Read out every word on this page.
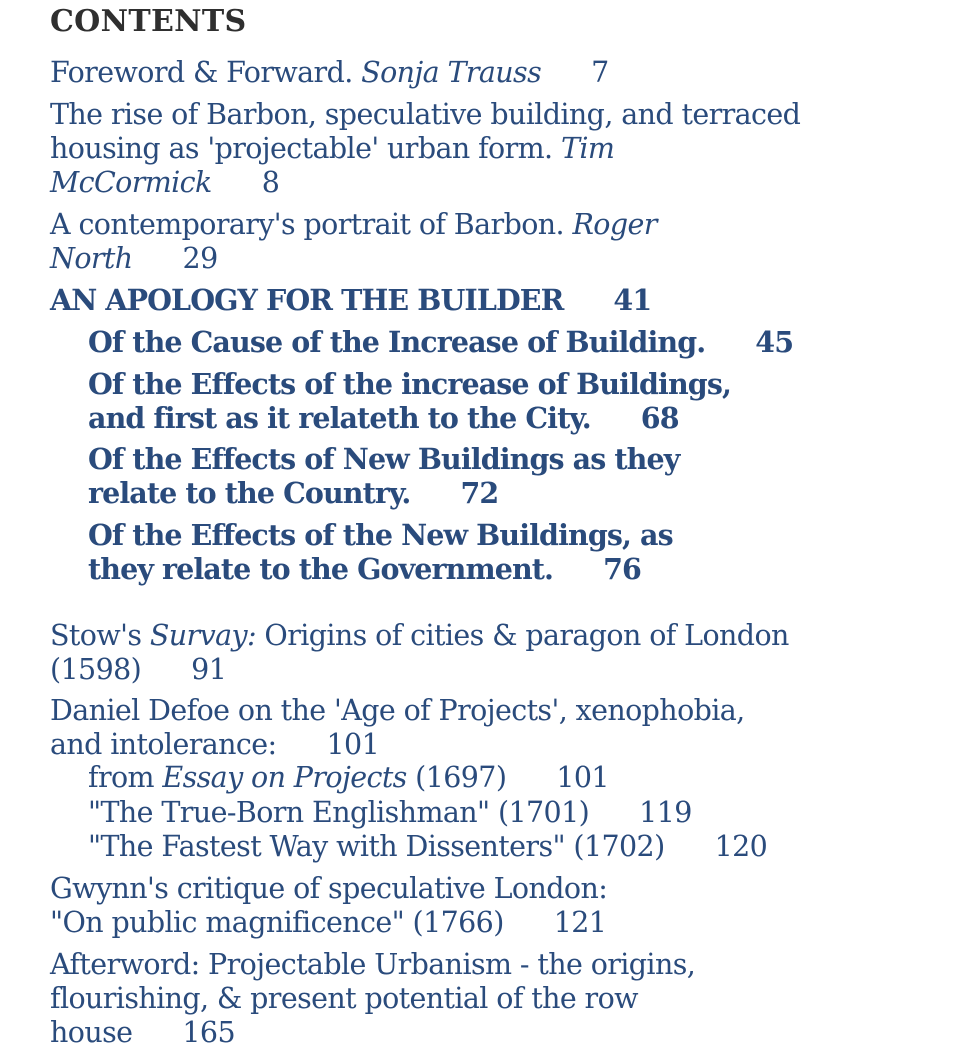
CONTENTS
Foreword & Forward. Sonja Trauss 7
The rise of Barbon, speculative building, and terraced
housing as 'projectable' urban form. Tim
McCormick 8
A contemporary's portrait of Barbon. Roger
North 29
AN APOLOGY FOR THE BUILDER 41
Of the Cause of the Increase of Building. 45
Of the Effects of the increase of Buildings,
and first as it relateth to the City. 68
Of the Effects of New Buildings as they
relate to the Country. 72
Of the Effects of the New Buildings, as
they relate to the Government. 76
Stow's Survay: Origins of cities & paragon of London
(1598) 91
Daniel Defoe on the 'Age of Projects', xenophobia,
and intolerance: 101
from Essay on Projects (1697) 101
"The True-Born Englishman" (1701) 119
"The Fastest Way with Dissenters" (1702) 120
Gwynn's critique of speculative London:
"On public magnificence" (1766) 121
Afterword: Projectable Urbanism - the origins,
flourishing, & present potential of the row
house 165
